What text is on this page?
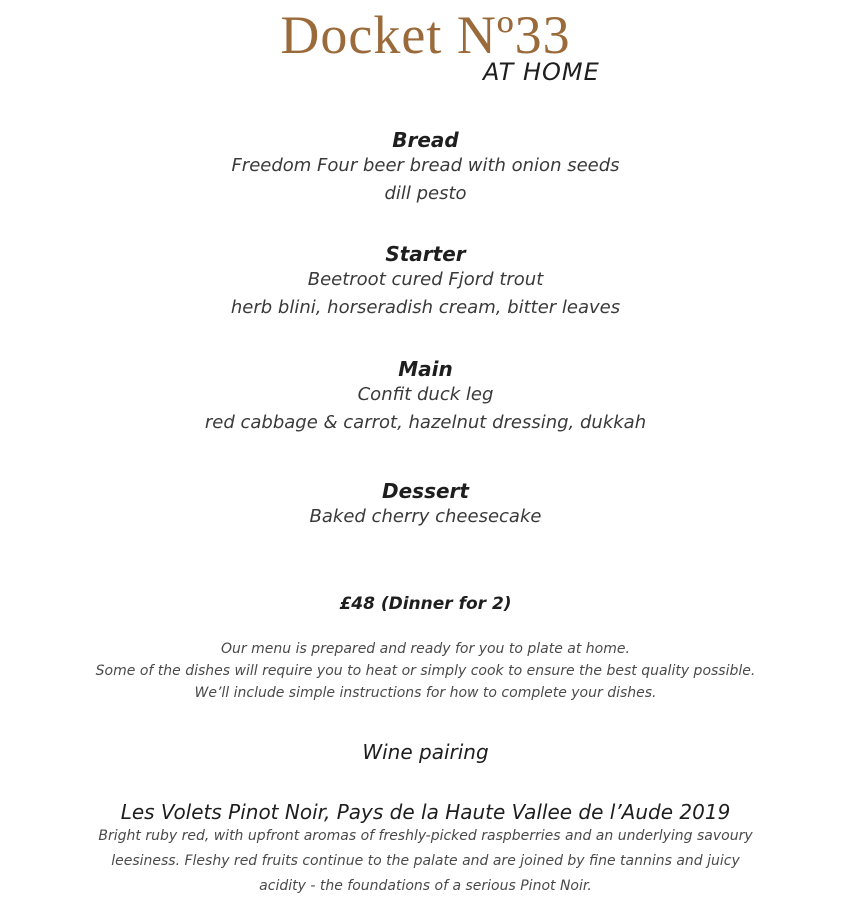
Docket Nº33
AT HOME
Bread
Freedom Four beer bread with onion seeds
dill pesto
Starter
Beetroot cured Fjord trout
herb blini, horseradish cream, bitter leaves
Main
Confit duck leg
red cabbage & carrot, hazelnut dressing, dukkah
Dessert
Baked cherry cheesecake
£48 (Dinner for 2)
Our menu is prepared and ready for you to plate at home.
Some of the dishes will require you to heat or simply cook to ensure the best quality possible.
We’ll include simple instructions for how to complete your dishes.
Wine pairing
Les Volets Pinot Noir, Pays de la Haute Vallee de l’Aude 2019
Bright ruby red, with upfront aromas of freshly-picked raspberries and an underlying savoury
leesiness. Fleshy red fruits continue to the palate and are joined by fine tannins and juicy
acidity - the foundations of a serious Pinot Noir.
